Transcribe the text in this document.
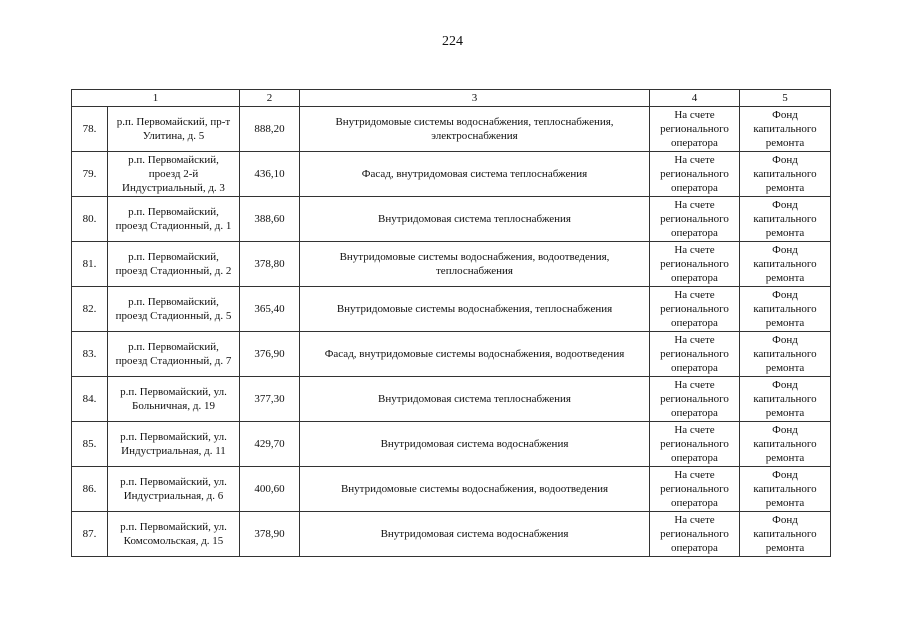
224
1		2	3	4	5
78.	р.п. Первомайский, пр-т Улитина, д. 5	888,20	Внутридомовые системы водоснабжения, теплоснабжения, электроснабжения	На счете регионального оператора	Фонд капитального ремонта
79.	р.п. Первомайский, проезд 2-й Индустриальный, д. 3	436,10	Фасад, внутридомовая система теплоснабжения	На счете регионального оператора	Фонд капитального ремонта
80.	р.п. Первомайский, проезд Стадионный, д. 1	388,60	Внутридомовая система теплоснабжения	На счете регионального оператора	Фонд капитального ремонта
81.	р.п. Первомайский, проезд Стадионный, д. 2	378,80	Внутридомовые системы водоснабжения, водоотведения, теплоснабжения	На счете регионального оператора	Фонд капитального ремонта
82.	р.п. Первомайский, проезд Стадионный, д. 5	365,40	Внутридомовые системы водоснабжения, теплоснабжения	На счете регионального оператора	Фонд капитального ремонта
83.	р.п. Первомайский, проезд Стадионный, д. 7	376,90	Фасад, внутридомовые системы водоснабжения, водоотведения	На счете регионального оператора	Фонд капитального ремонта
84.	р.п. Первомайский, ул. Больничная, д. 19	377,30	Внутридомовая система теплоснабжения	На счете регионального оператора	Фонд капитального ремонта
85.	р.п. Первомайский, ул. Индустриальная, д. 11	429,70	Внутридомовая система водоснабжения	На счете регионального оператора	Фонд капитального ремонта
86.	р.п. Первомайский, ул. Индустриальная, д. 6	400,60	Внутридомовые системы водоснабжения, водоотведения	На счете регионального оператора	Фонд капитального ремонта
87.	р.п. Первомайский, ул. Комсомольская, д. 15	378,90	Внутридомовая система водоснабжения	На счете регионального оператора	Фонд капитального ремонта
